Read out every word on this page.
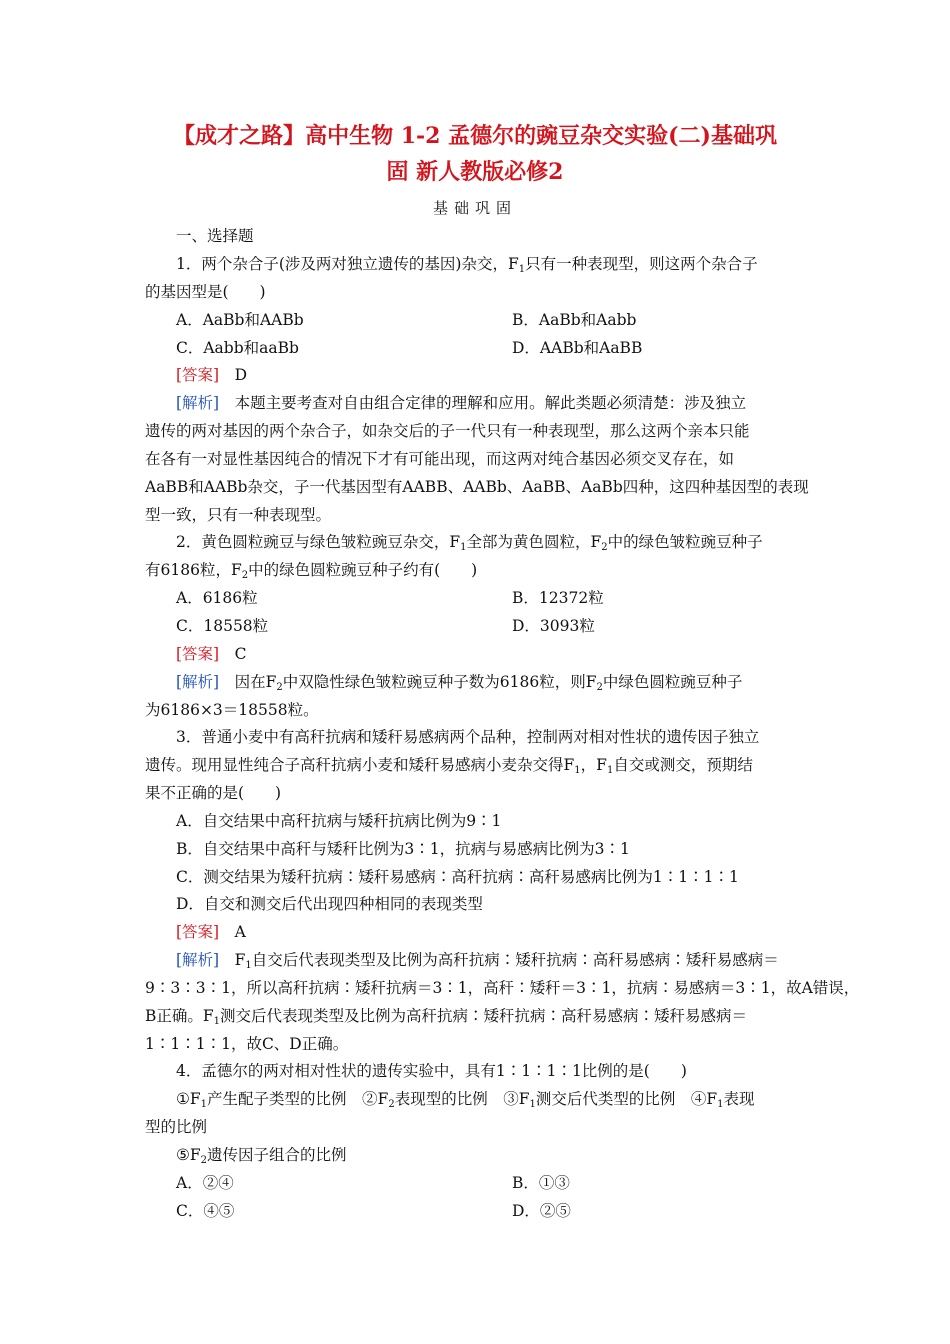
【成才之路】高中生物 1-2 孟德尔的豌豆杂交实验(二)基础巩
固 新人教版必修2
基础巩固
一、选择题
1．两个杂合子(涉及两对独立遗传的基因)杂交，$F_1$只有一种表现型，则这两个杂合子
的基因型是(　　)
A．AaBb和AABb	B．AaBb和Aabb
C．Aabb和aaBb	D．AABb和AaBB
[答案]　 D
[解析]　 本题主要考查对自由组合定律的理解和应用。解此类题必须清楚：涉及独立
遗传的两对基因的两个杂合子，如杂交后的子一代只有一种表现型，那么这两个亲本只能
在各有一对显性基因纯合的情况下才有可能出现，而这两对纯合基因必须交叉存在，如
AaBB和AABb杂交，子一代基因型有AABB、AABb、AaBB、AaBb四种，这四种基因型的表现
型一致，只有一种表现型。
2．黄色圆粒豌豆与绿色皱粒豌豆杂交，$F_1$全部为黄色圆粒，$F_2$中的绿色皱粒豌豆种子
有6186粒，$F_2$中的绿色圆粒豌豆种子约有(　　)
A．6186粒	B．12372粒
C．18558粒	D．3093粒
[答案]　 C
[解析]　 因在$F_2$中双隐性绿色皱粒豌豆种子数为6186粒，则$F_2$中绿色圆粒豌豆种子
为6186×3＝18558粒。
3．普通小麦中有高秆抗病和矮秆易感病两个品种，控制两对相对性状的遗传因子独立
遗传。现用显性纯合子高秆抗病小麦和矮秆易感病小麦杂交得$F_1$，$F_1$自交或测交，预期结
果不正确的是(　　)
A．自交结果中高秆抗病与矮秆抗病比例为9∶1
B．自交结果中高秆与矮秆比例为3∶1，抗病与易感病比例为3∶1
C．测交结果为矮秆抗病∶矮秆易感病∶高秆抗病∶高秆易感病比例为1∶1∶1∶1
D．自交和测交后代出现四种相同的表现类型
[答案]　 A
[解析]　 $F_1$自交后代表现类型及比例为高秆抗病∶矮秆抗病∶高秆易感病∶矮秆易感病＝
9∶3∶3∶1，所以高秆抗病∶矮秆抗病＝3∶1，高秆∶矮秆＝3∶1，抗病∶易感病＝3∶1，故A错误，
B正确。$F_1$测交后代表现类型及比例为高秆抗病∶矮秆抗病∶高秆易感病∶矮秆易感病＝
1∶1∶1∶1，故C、D正确。
4．孟德尔的两对相对性状的遗传实验中，具有1∶1∶1∶1比例的是(　　)
$①F_1$产生配子类型的比例　$②F_2$表现型的比例　$③F_1$测交后代类型的比例　$④F_1$表现
型的比例
$⑤F_2$遗传因子组合的比例
A．②④	B．①③
C．④⑤	D．②⑤
